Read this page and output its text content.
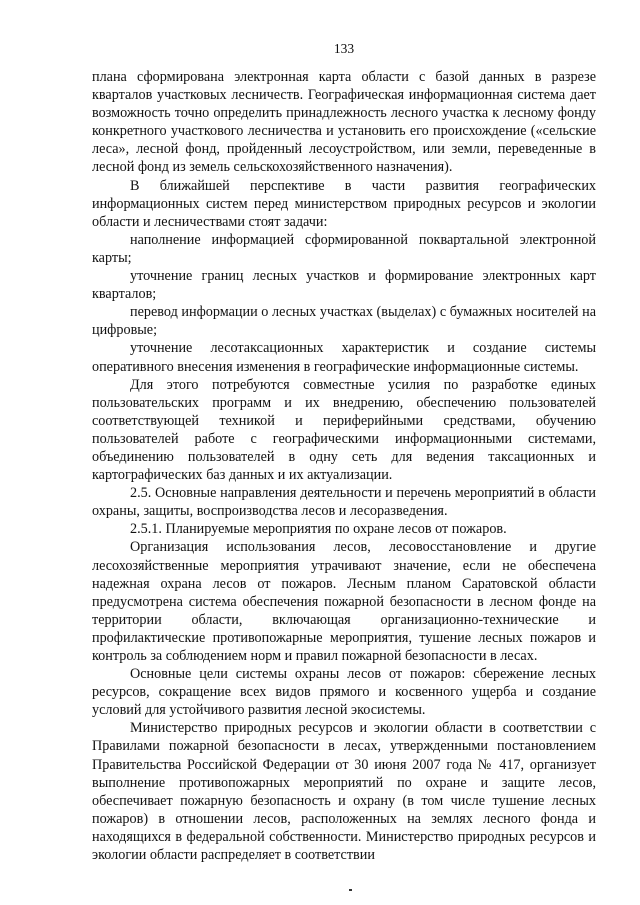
133

плана сформирована электронная карта области с базой данных в разрезе кварталов участковых лесничеств. Географическая информационная система дает возможность точно определить принадлежность лесного участка к лесному фонду конкретного участкового лесничества и установить его происхождение («сельские леса», лесной фонд, пройденный лесоустройством, или земли, переведенные в лесной фонд из земель сельскохозяйственного назначения).

В ближайшей перспективе в части развития географических информационных систем перед министерством природных ресурсов и экологии области и лесничествами стоят задачи:

наполнение информацией сформированной поквартальной электронной карты;

уточнение границ лесных участков и формирование электронных карт кварталов;

перевод информации о лесных участках (выделах) с бумажных носителей на цифровые;

уточнение лесотаксационных характеристик и создание системы оперативного внесения изменения в географические информационные системы.

Для этого потребуются совместные усилия по разработке единых пользовательских программ и их внедрению, обеспечению пользователей соответствующей техникой и периферийными средствами, обучению пользователей работе с географическими информационными системами, объединению пользователей в одну сеть для ведения таксационных и картографических баз данных и их актуализации.

2.5. Основные направления деятельности и перечень мероприятий в области охраны, защиты, воспроизводства лесов и лесоразведения.

2.5.1. Планируемые мероприятия по охране лесов от пожаров.

Организация использования лесов, лесовосстановление и другие лесохозяйственные мероприятия утрачивают значение, если не обеспечена надежная охрана лесов от пожаров. Лесным планом Саратовской области предусмотрена система обеспечения пожарной безопасности в лесном фонде на территории области, включающая организационно-технические и профилактические противопожарные мероприятия, тушение лесных пожаров и контроль за соблюдением норм и правил пожарной безопасности в лесах.

Основные цели системы охраны лесов от пожаров: сбережение лесных ресурсов, сокращение всех видов прямого и косвенного ущерба и создание условий для устойчивого развития лесной экосистемы.

Министерство природных ресурсов и экологии области в соответствии с Правилами пожарной безопасности в лесах, утвержденными постановлением Правительства Российской Федерации от 30 июня 2007 года № 417, организует выполнение противопожарных мероприятий по охране и защите лесов, обеспечивает пожарную безопасность и охрану (в том числе тушение лесных пожаров) в отношении лесов, расположенных на землях лесного фонда и находящихся в федеральной собственности. Министерство природных ресурсов и экологии области распределяет в соответствии
